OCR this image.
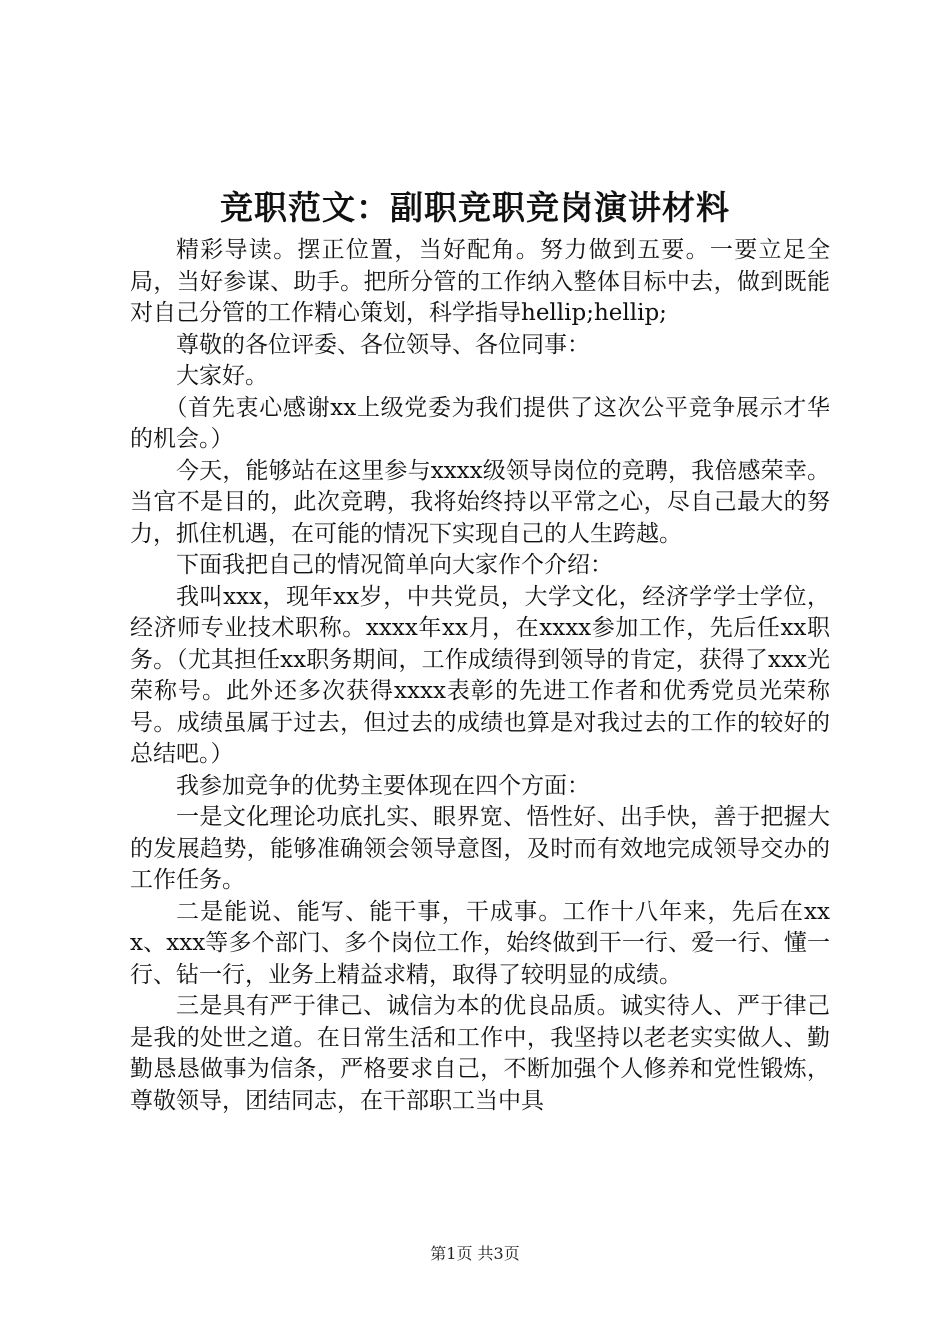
竞职范文：副职竞职竞岗演讲材料

精彩导读。摆正位置，当好配角。努力做到五要。一要立足全局，当好参谋、助手。把所分管的工作纳入整体目标中去，做到既能对自己分管的工作精心策划，科学指导hellip;hellip;

尊敬的各位评委、各位领导、各位同事：

大家好。

（首先衷心感谢xx上级党委为我们提供了这次公平竞争展示才华的机会。）

今天，能够站在这里参与xxxx级领导岗位的竞聘，我倍感荣幸。当官不是目的，此次竞聘，我将始终持以平常之心，尽自己最大的努力，抓住机遇，在可能的情况下实现自己的人生跨越。

下面我把自己的情况简单向大家作个介绍：

我叫xxx，现年xx岁，中共党员，大学文化，经济学学士学位，经济师专业技术职称。xxxx年xx月，在xxxx参加工作，先后任xx职务。（尤其担任xx职务期间，工作成绩得到领导的肯定，获得了xxx光荣称号。此外还多次获得xxxx表彰的先进工作者和优秀党员光荣称号。成绩虽属于过去，但过去的成绩也算是对我过去的工作的较好的总结吧。）

我参加竞争的优势主要体现在四个方面：

一是文化理论功底扎实、眼界宽、悟性好、出手快，善于把握大的发展趋势，能够准确领会领导意图，及时而有效地完成领导交办的工作任务。

二是能说、能写、能干事，干成事。工作十八年来，先后在xxx、xxx等多个部门、多个岗位工作，始终做到干一行、爱一行、懂一行、钻一行，业务上精益求精，取得了较明显的成绩。

三是具有严于律己、诚信为本的优良品质。诚实待人、严于律己是我的处世之道。在日常生活和工作中，我坚持以老老实实做人、勤勤恳恳做事为信条，严格要求自己，不断加强个人修养和党性锻炼，尊敬领导，团结同志，在干部职工当中具

第1页 共3页
